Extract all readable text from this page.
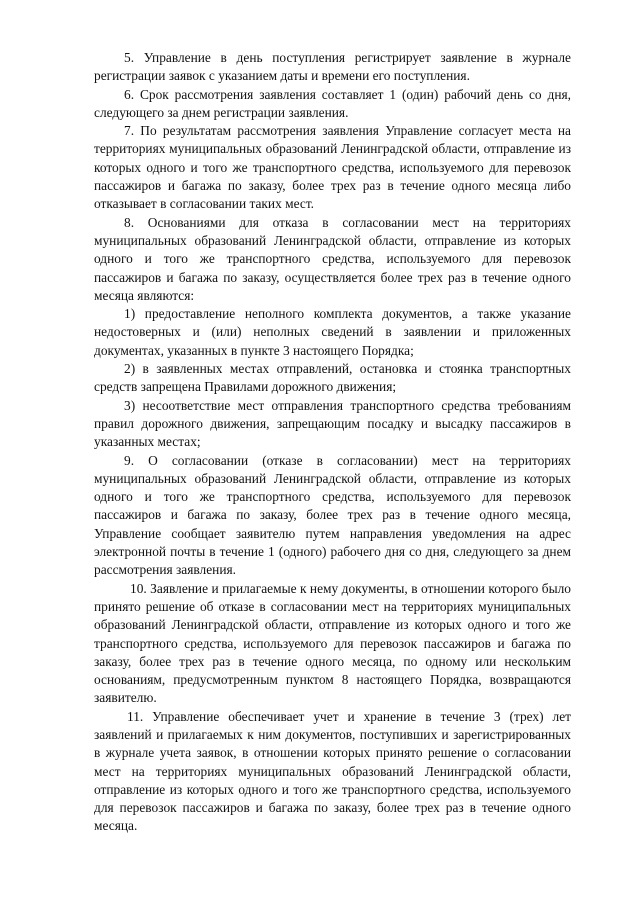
5. Управление в день поступления регистрирует заявление в журнале регистрации заявок с указанием даты и времени его поступления.

6. Срок рассмотрения заявления составляет 1 (один) рабочий день со дня, следующего за днем регистрации заявления.

7. По результатам рассмотрения заявления Управление согласует места на территориях муниципальных образований Ленинградской области, отправление из которых одного и того же транспортного средства, используемого для перевозок пассажиров и багажа по заказу, более трех раз в течение одного месяца либо отказывает в согласовании таких мест.

8. Основаниями для отказа в согласовании мест на территориях муниципальных образований Ленинградской области, отправление из которых одного и того же транспортного средства, используемого для перевозок пассажиров и багажа по заказу, осуществляется более трех раз в течение одного месяца являются:

1) предоставление неполного комплекта документов, а также указание недостоверных и (или) неполных сведений в заявлении и приложенных документах, указанных в пункте 3 настоящего Порядка;

2) в заявленных местах отправлений, остановка и стоянка транспортных средств запрещена Правилами дорожного движения;

3) несоответствие мест отправления транспортного средства требованиям правил дорожного движения, запрещающим посадку и высадку пассажиров в указанных местах;

9. О согласовании (отказе в согласовании) мест на территориях муниципальных образований Ленинградской области, отправление из которых одного и того же транспортного средства, используемого для перевозок пассажиров и багажа по заказу, более трех раз в течение одного месяца, Управление сообщает заявителю путем направления уведомления на адрес электронной почты в течение 1 (одного) рабочего дня со дня, следующего за днем рассмотрения заявления.

10. Заявление и прилагаемые к нему документы, в отношении которого было принято решение об отказе в согласовании мест на территориях муниципальных образований Ленинградской области, отправление из которых одного и того же транспортного средства, используемого для перевозок пассажиров и багажа по заказу, более трех раз в течение одного месяца, по одному или нескольким основаниям, предусмотренным пунктом 8 настоящего Порядка, возвращаются заявителю.

11. Управление обеспечивает учет и хранение в течение 3 (трех) лет заявлений и прилагаемых к ним документов, поступивших и зарегистрированных в журнале учета заявок, в отношении которых принято решение о согласовании мест на территориях муниципальных образований Ленинградской области, отправление из которых одного и того же транспортного средства, используемого для перевозок пассажиров и багажа по заказу, более трех раз в течение одного месяца.
